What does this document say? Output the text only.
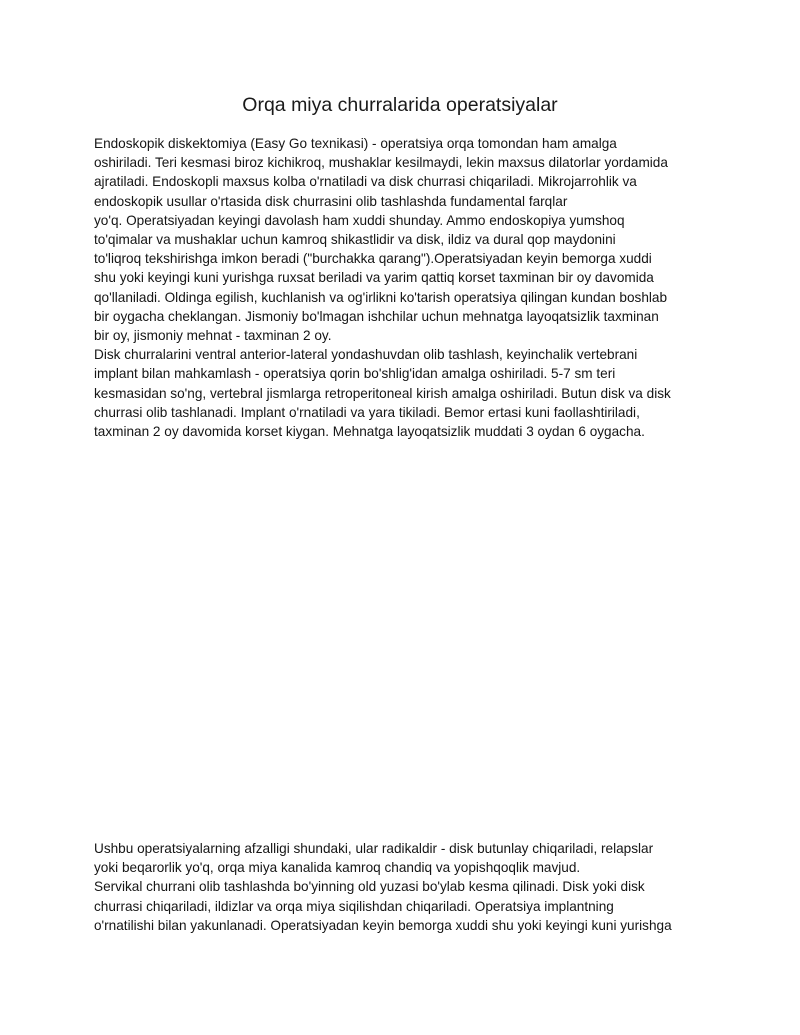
Orqa miya churralarida operatsiyalar
Endoskopik diskektomiya (Easy Go texnikasi) - operatsiya orqa tomondan ham amalga
oshiriladi. Teri kesmasi biroz kichikroq, mushaklar kesilmaydi, lekin maxsus dilatorlar yordamida
ajratiladi. Endoskopli maxsus kolba o'rnatiladi va disk churrasi chiqariladi. Mikrojarrohlik va
endoskopik usullar o'rtasida disk churrasini olib tashlashda fundamental farqlar
yo'q. Operatsiyadan keyingi davolash ham xuddi shunday. Ammo endoskopiya yumshoq
to'qimalar va mushaklar uchun kamroq shikastlidir va disk, ildiz va dural qop maydonini
to'liqroq tekshirishga imkon beradi ("burchakka qarang").Operatsiyadan keyin bemorga xuddi
shu yoki keyingi kuni yurishga ruxsat beriladi va yarim qattiq korset taxminan bir oy davomida
qo'llaniladi. Oldinga egilish, kuchlanish va og'irlikni ko'tarish operatsiya qilingan kundan boshlab
bir oygacha cheklangan. Jismoniy bo'lmagan ishchilar uchun mehnatga layoqatsizlik taxminan
bir oy, jismoniy mehnat - taxminan 2 oy.
Disk churralarini ventral anterior-lateral yondashuvdan olib tashlash, keyinchalik vertebrani
implant bilan mahkamlash - operatsiya qorin bo'shlig'idan amalga oshiriladi. 5-7 sm teri
kesmasidan so'ng, vertebral jismlarga retroperitoneal kirish amalga oshiriladi. Butun disk va disk
churrasi olib tashlanadi. Implant o'rnatiladi va yara tikiladi. Bemor ertasi kuni faollashtiriladi,
taxminan 2 oy davomida korset kiygan. Mehnatga layoqatsizlik muddati 3 oydan 6 oygacha.
Ushbu operatsiyalarning afzalligi shundaki, ular radikaldir - disk butunlay chiqariladi, relapslar
yoki beqarorlik yo'q, orqa miya kanalida kamroq chandiq va yopishqoqlik mavjud.
Servikal churrani olib tashlashda bo'yinning old yuzasi bo'ylab kesma qilinadi. Disk yoki disk
churrasi chiqariladi, ildizlar va orqa miya siqilishdan chiqariladi. Operatsiya implantning
o'rnatilishi bilan yakunlanadi. Operatsiyadan keyin bemorga xuddi shu yoki keyingi kuni yurishga
